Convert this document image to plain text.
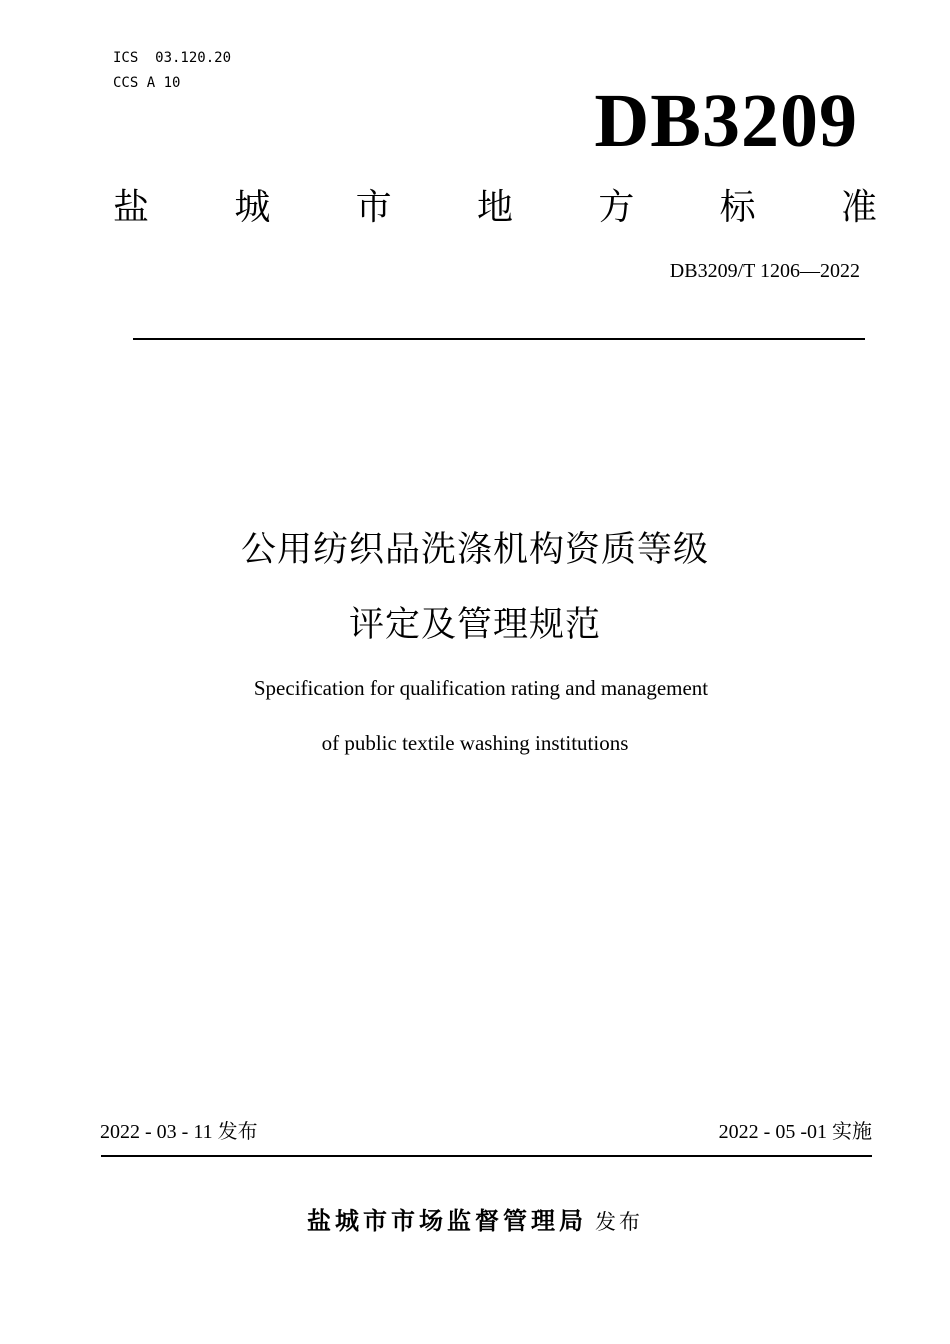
ICS  03.120.20
CCS A 10	DB3209
盐 城 市 地 方 标 准
DB3209/T 1206—2022
公用纺织品洗涤机构资质等级
评定及管理规范
Specification for qualification rating and management
of public textile washing institutions
2022 - 03 - 11 发布	2022 - 05 -01 实施
盐城市市场监督管理局 发布
